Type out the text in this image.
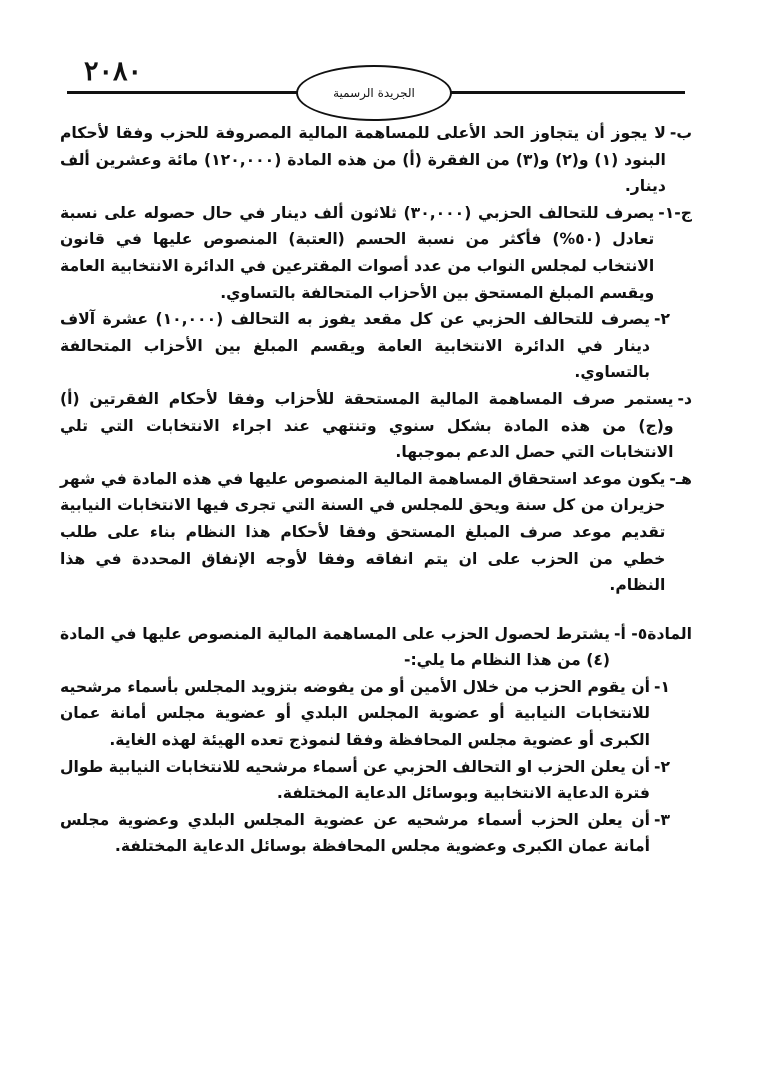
٢٠٨٠
الجريدة الرسمية
ب-
لا يجوز أن يتجاوز الحد الأعلى للمساهمة المالية المصروفة للحزب وفقا لأحكام البنود (١) و(٢) و(٣) من الفقرة (أ) من هذه المادة (١٢٠,٠٠٠) مائة وعشرين ألف دينار.
ج-١-
يصرف للتحالف الحزبي (٣٠,٠٠٠) ثلاثون ألف دينار في حال حصوله على نسبة تعادل (٥٠%) فأكثر من نسبة الحسم (العتبة) المنصوص عليها في قانون الانتخاب لمجلس النواب من عدد أصوات المقترعين في الدائرة الانتخابية العامة ويقسم المبلغ المستحق بين الأحزاب المتحالفة بالتساوي.
٢-
يصرف للتحالف الحزبي عن كل مقعد يفوز به التحالف (١٠,٠٠٠) عشرة آلاف دينار في الدائرة الانتخابية العامة ويقسم المبلغ بين الأحزاب المتحالفة بالتساوي.
د-
يستمر صرف المساهمة المالية المستحقة للأحزاب وفقا لأحكام الفقرتين (أ) و(ج) من هذه المادة بشكل سنوي وتنتهي عند اجراء الانتخابات التي تلي الانتخابات التي حصل الدعم بموجبها.
هـ-
يكون موعد استحقاق المساهمة المالية المنصوص عليها في هذه المادة في شهر حزيران من كل سنة ويحق للمجلس في السنة التي تجرى فيها الانتخابات النيابية تقديم موعد صرف المبلغ المستحق وفقا لأحكام هذا النظام بناء على طلب خطي من الحزب على ان يتم انفاقه وفقا لأوجه الإنفاق المحددة في هذا النظام.
المادة٥- أ-
يشترط لحصول الحزب على المساهمة المالية المنصوص عليها في المادة (٤) من هذا النظام ما يلي:-
١-
أن يقوم الحزب من خلال الأمين أو من يفوضه بتزويد المجلس بأسماء مرشحيه للانتخابات النيابية أو عضوية المجلس البلدي أو عضوية مجلس أمانة عمان الكبرى أو عضوية مجلس المحافظة وفقا لنموذج تعده الهيئة لهذه الغاية.
٢-
أن يعلن الحزب او التحالف الحزبي عن أسماء مرشحيه للانتخابات النيابية طوال فترة الدعاية الانتخابية وبوسائل الدعاية المختلفة.
٣-
أن يعلن الحزب أسماء مرشحيه عن عضوية المجلس البلدي وعضوية مجلس أمانة عمان الكبرى وعضوية مجلس المحافظة بوسائل الدعاية المختلفة.
